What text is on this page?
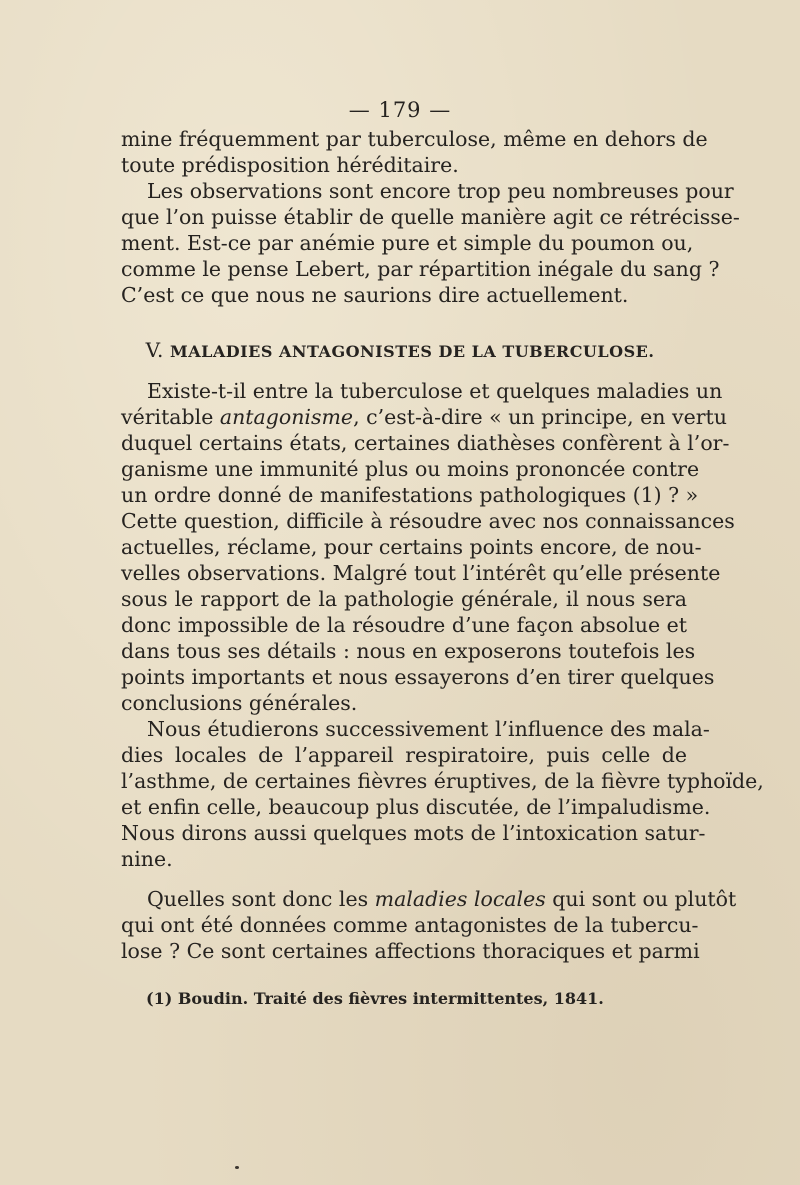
— 179 —
mine fréquemment par tuberculose, même en dehors de
toute prédisposition héréditaire.
Les observations sont encore trop peu nombreuses pour
que l’on puisse établir de quelle manière agit ce rétrécisse-
ment. Est-ce par anémie pure et simple du poumon ou,
comme le pense Lebert, par répartition inégale du sang ?
C’est ce que nous ne saurions dire actuellement.
V. MALADIES ANTAGONISTES DE LA TUBERCULOSE.
Existe-t-il entre la tuberculose et quelques maladies un
véritable antagonisme, c’est-à-dire « un principe, en vertu
duquel certains états, certaines diathèses confèrent à l’or-
ganisme une immunité plus ou moins prononcée contre
un ordre donné de manifestations pathologiques (1) ? »
Cette question, difficile à résoudre avec nos connaissances
actuelles, réclame, pour certains points encore, de nou-
velles observations. Malgré tout l’intérêt qu’elle présente
sous le rapport de la pathologie générale, il nous sera
donc impossible de la résoudre d’une façon absolue et
dans tous ses détails : nous en exposerons toutefois les
points importants et nous essayerons d’en tirer quelques
conclusions générales.
Nous étudierons successivement l’influence des mala-
dies locales de l’appareil respiratoire, puis celle de
l’asthme, de certaines fièvres éruptives, de la fièvre typhoïde,
et enfin celle, beaucoup plus discutée, de l’impaludisme.
Nous dirons aussi quelques mots de l’intoxication satur-
nine.
Quelles sont donc les maladies locales qui sont ou plutôt
qui ont été données comme antagonistes de la tubercu-
lose ? Ce sont certaines affections thoraciques et parmi
(1) Boudin. Traité des fièvres intermittentes, 1841.
